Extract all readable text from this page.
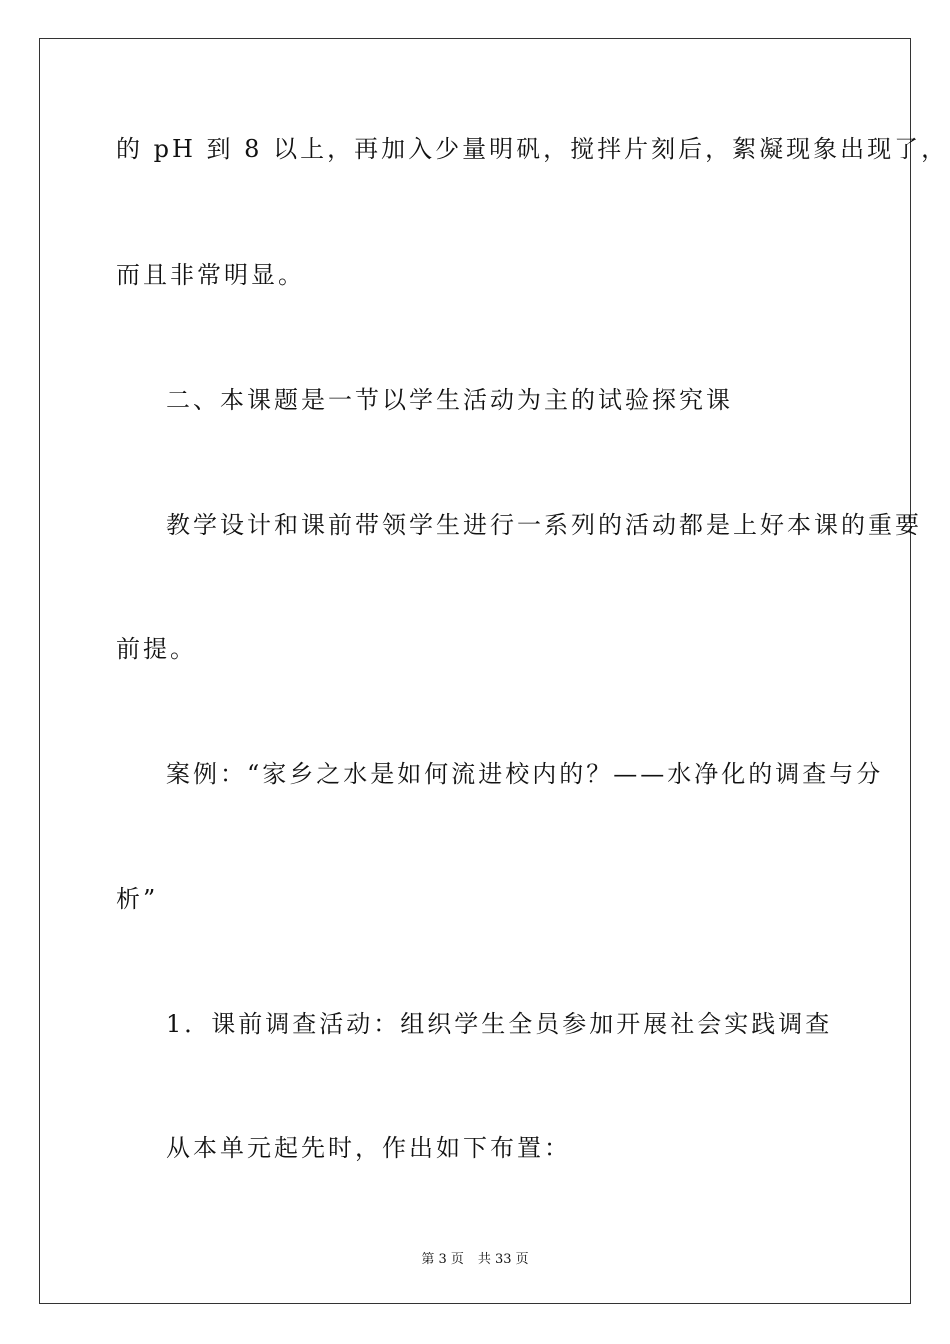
的 pH 到 8 以上，再加入少量明矾，搅拌片刻后，絮凝现象出现了，
而且非常明显。
二、本课题是一节以学生活动为主的试验探究课
教学设计和课前带领学生进行一系列的活动都是上好本课的重要
前提。
案例：“家乡之水是如何流进校内的？——水净化的调查与分
析”
1．课前调查活动：组织学生全员参加开展社会实践调查
从本单元起先时，作出如下布置：
第 3 页 共 33 页
